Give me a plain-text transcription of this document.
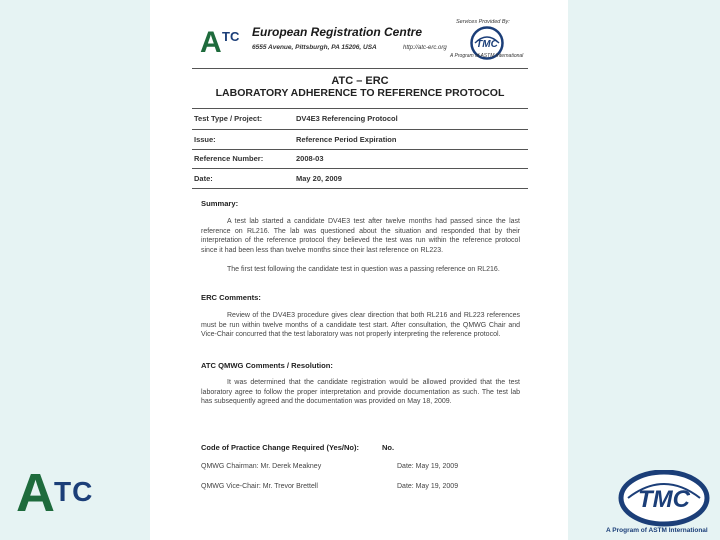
A TC European Registration Centre
6555 Avenue, Pittsburgh, PA 15206, USA	http://atc-erc.org
Services Provided By:
TMC
A Program of ASTM International
ATC – ERC
LABORATORY ADHERENCE TO REFERENCE PROTOCOL
Test Type / Project:	DV4E3 Referencing Protocol
Issue:	Reference Period Expiration
Reference Number:	2008-03
Date:	May 20, 2009
Summary:
A test lab started a candidate DV4E3 test after twelve months had passed since the last reference on RL216. The lab was questioned about the situation and responded that by their interpretation of the reference protocol they believed the test was run within the reference protocol since it had been less than twelve months since their last reference on RL223.
The first test following the candidate test in question was a passing reference on RL216.
ERC Comments:
Review of the DV4E3 procedure gives clear direction that both RL216 and RL223 references must be run within twelve months of a candidate test start. After consultation, the QMWG Chair and Vice-Chair concurred that the test laboratory was not properly interpreting the reference protocol.
ATC QMWG Comments / Resolution:
It was determined that the candidate registration would be allowed provided that the test laboratory agree to follow the proper interpretation and provide documentation as such. The test lab has subsequently agreed and the documentation was provided on May 18, 2009.
Code of Practice Change Required (Yes/No):	No.
QMWG Chairman: Mr. Derek Meakney	Date: May 19, 2009
QMWG Vice-Chair: Mr. Trevor Brettell	Date: May 19, 2009
A TC	TMC
A Program of ASTM International
